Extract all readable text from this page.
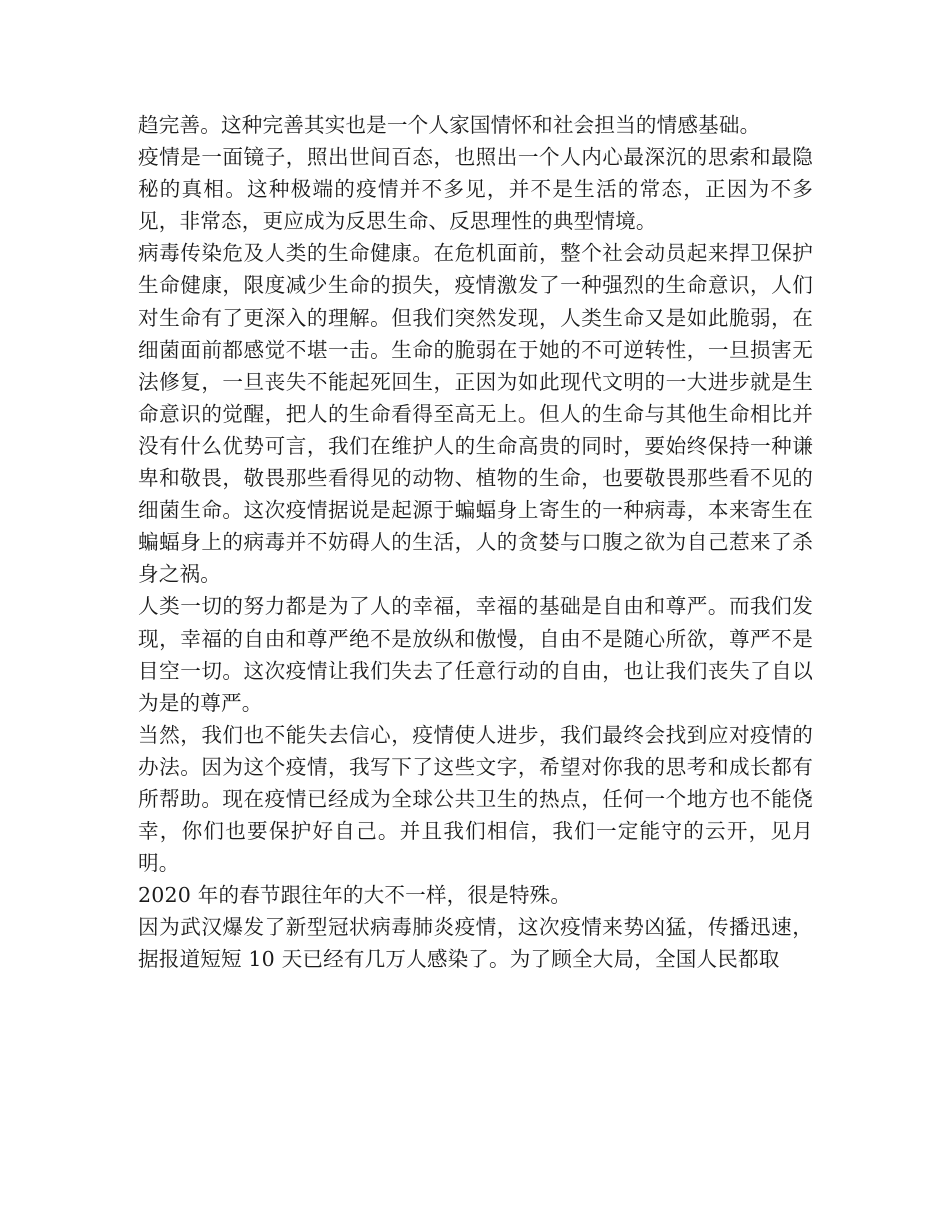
趋完善。这种完善其实也是一个人家国情怀和社会担当的情感基础。

疫情是一面镜子，照出世间百态，也照出一个人内心最深沉的思索和最隐秘的真相。这种极端的疫情并不多见，并不是生活的常态，正因为不多见，非常态，更应成为反思生命、反思理性的典型情境。

病毒传染危及人类的生命健康。在危机面前，整个社会动员起来捍卫保护生命健康，限度减少生命的损失，疫情激发了一种强烈的生命意识，人们对生命有了更深入的理解。但我们突然发现，人类生命又是如此脆弱，在细菌面前都感觉不堪一击。生命的脆弱在于她的不可逆转性，一旦损害无法修复，一旦丧失不能起死回生，正因为如此现代文明的一大进步就是生命意识的觉醒，把人的生命看得至高无上。但人的生命与其他生命相比并没有什么优势可言，我们在维护人的生命高贵的同时，要始终保持一种谦卑和敬畏，敬畏那些看得见的动物、植物的生命，也要敬畏那些看不见的细菌生命。这次疫情据说是起源于蝙蝠身上寄生的一种病毒，本来寄生在蝙蝠身上的病毒并不妨碍人的生活，人的贪婪与口腹之欲为自己惹来了杀身之祸。

人类一切的努力都是为了人的幸福，幸福的基础是自由和尊严。而我们发现，幸福的自由和尊严绝不是放纵和傲慢，自由不是随心所欲，尊严不是目空一切。这次疫情让我们失去了任意行动的自由，也让我们丧失了自以为是的尊严。

当然，我们也不能失去信心，疫情使人进步，我们最终会找到应对疫情的办法。因为这个疫情，我写下了这些文字，希望对你我的思考和成长都有所帮助。现在疫情已经成为全球公共卫生的热点，任何一个地方也不能侥幸，你们也要保护好自己。并且我们相信，我们一定能守的云开，见月明。

2020 年的春节跟往年的大不一样，很是特殊。

因为武汉爆发了新型冠状病毒肺炎疫情，这次疫情来势凶猛，传播迅速，据报道短短 10 天已经有几万人感染了。为了顾全大局，全国人民都取
